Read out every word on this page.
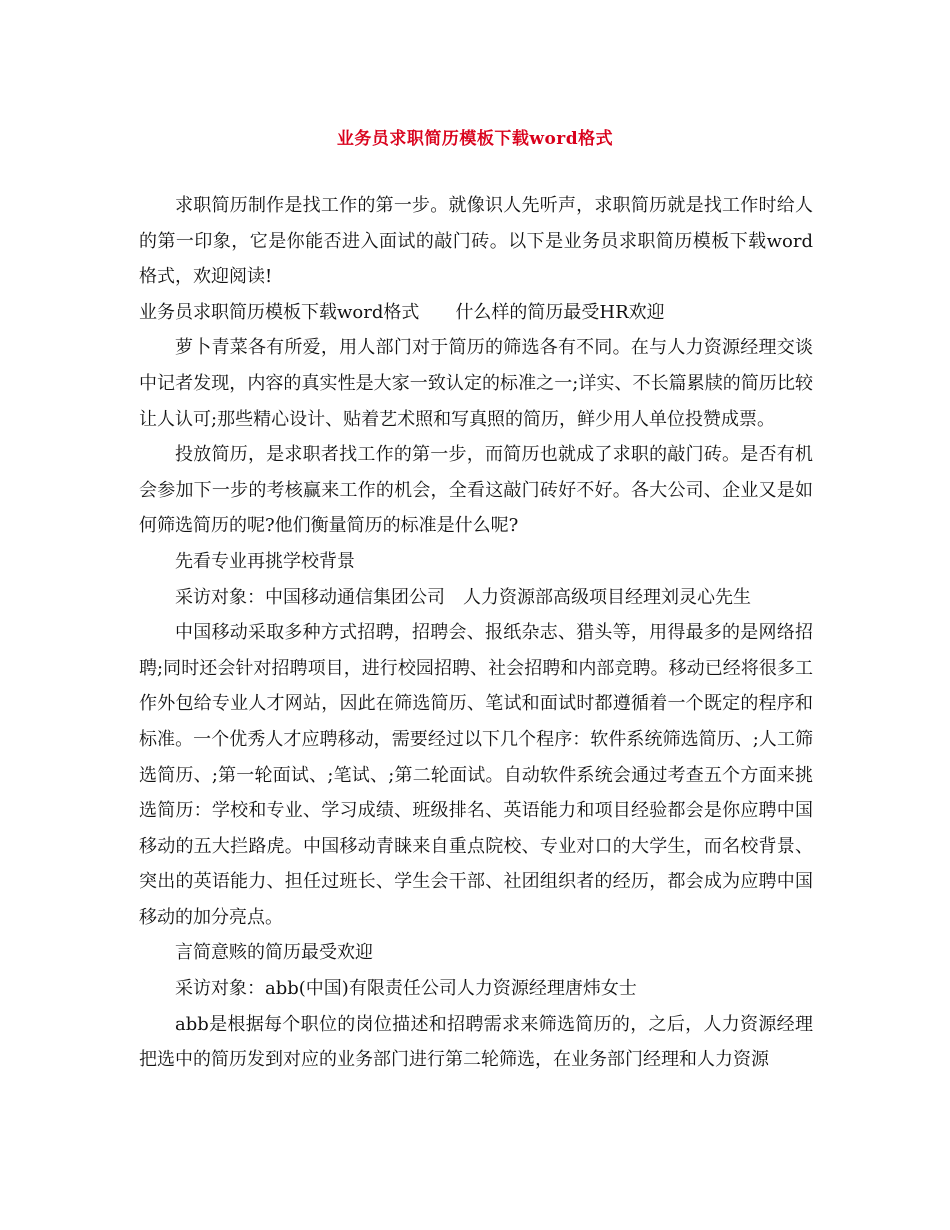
业务员求职简历模板下载word格式

求职简历制作是找工作的第一步。就像识人先听声，求职简历就是找工作时给人的第一印象，它是你能否进入面试的敲门砖。以下是业务员求职简历模板下载word格式，欢迎阅读!

业务员求职简历模板下载word格式 什么样的简历最受HR欢迎

萝卜青菜各有所爱，用人部门对于简历的筛选各有不同。在与人力资源经理交谈中记者发现，内容的真实性是大家一致认定的标准之一;详实、不长篇累牍的简历比较让人认可;那些精心设计、贴着艺术照和写真照的简历，鲜少用人单位投赞成票。

投放简历，是求职者找工作的第一步，而简历也就成了求职的敲门砖。是否有机会参加下一步的考核赢来工作的机会，全看这敲门砖好不好。各大公司、企业又是如何筛选简历的呢?他们衡量简历的标准是什么呢?

先看专业再挑学校背景

采访对象：中国移动通信集团公司　人力资源部高级项目经理刘灵心先生

中国移动采取多种方式招聘，招聘会、报纸杂志、猎头等，用得最多的是网络招聘;同时还会针对招聘项目，进行校园招聘、社会招聘和内部竞聘。移动已经将很多工作外包给专业人才网站，因此在筛选简历、笔试和面试时都遵循着一个既定的程序和标准。一个优秀人才应聘移动，需要经过以下几个程序：软件系统筛选简历、;人工筛选简历、;第一轮面试、;笔试、;第二轮面试。自动软件系统会通过考查五个方面来挑选简历：学校和专业、学习成绩、班级排名、英语能力和项目经验都会是你应聘中国移动的五大拦路虎。中国移动青睐来自重点院校、专业对口的大学生，而名校背景、突出的英语能力、担任过班长、学生会干部、社团组织者的经历，都会成为应聘中国移动的加分亮点。

言简意赅的简历最受欢迎

采访对象：abb(中国)有限责任公司人力资源经理唐炜女士

abb是根据每个职位的岗位描述和招聘需求来筛选简历的，之后，人力资源经理把选中的简历发到对应的业务部门进行第二轮筛选，在业务部门经理和人力资源
